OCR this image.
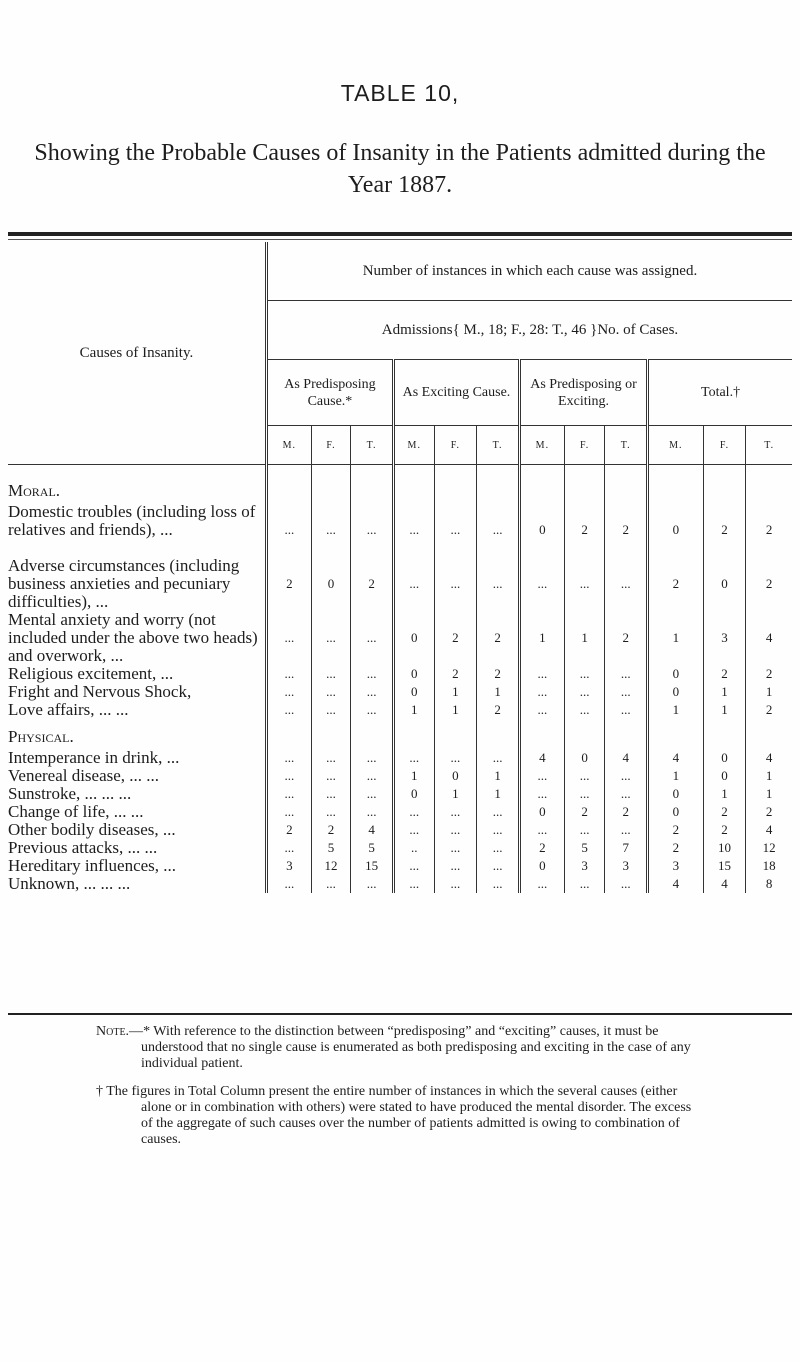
TABLE 10,
Showing the Probable Causes of Insanity in the Patients admitted during the Year 1887.
Causes of Insanity.	Number of instances in which each cause was assigned.											
	Admissions{ M., 18; F., 28: T., 46 }No. of Cases.											
	As Predisposing Cause.*			As Exciting Cause.			As Predisposing or Exciting.			Total.†		
	M.	F.	T.	M.	F.	T.	M.	F.	T.	M.	F.	T.
Moral.												
Domestic troubles (including loss of relatives and friends), ...	...	...	...	...	...	...	0	2	2	0	2	2
Adverse circumstances (including business anxieties and pecuniary difficulties), ...	2	0	2	...	...	...	...	...	...	2	0	2
Mental anxiety and worry (not included under the above two heads) and overwork, ...	...	...	...	0	2	2	1	1	2	1	3	4
Religious excitement, ...	...	...	...	0	2	2	...	...	...	0	2	2
Fright and Nervous Shock,	...	...	...	0	1	1	...	...	...	0	1	1
Love affairs, ... ...	...	...	...	1	1	2	...	...	...	1	1	2
Physical.												
Intemperance in drink, ...	...	...	...	...	...	...	4	0	4	4	0	4
Venereal disease, ... ...	...	...	...	1	0	1	...	...	...	1	0	1
Sunstroke, ... ... ...	...	...	...	0	1	1	...	...	...	0	1	1
Change of life, ... ...	...	...	...	...	...	...	0	2	2	0	2	2
Other bodily diseases, ...	2	2	4	...	...	...	...	...	...	2	2	4
Previous attacks, ... ...	...	5	5	..	...	...	2	5	7	2	10	12
Hereditary influences, ...	3	12	15	...	...	...	0	3	3	3	15	18
Unknown, ... ... ...	...	...	...	...	...	...	...	...	...	4	4	8

Note.—* With reference to the distinction between “predisposing” and “exciting” causes, it must be understood that no single cause is enumerated as both predisposing and exciting in the case of any individual patient.

† The figures in Total Column present the entire number of instances in which the several causes (either alone or in combination with others) were stated to have produced the mental disorder. The excess of the aggregate of such causes over the number of patients admitted is owing to combination of causes.
